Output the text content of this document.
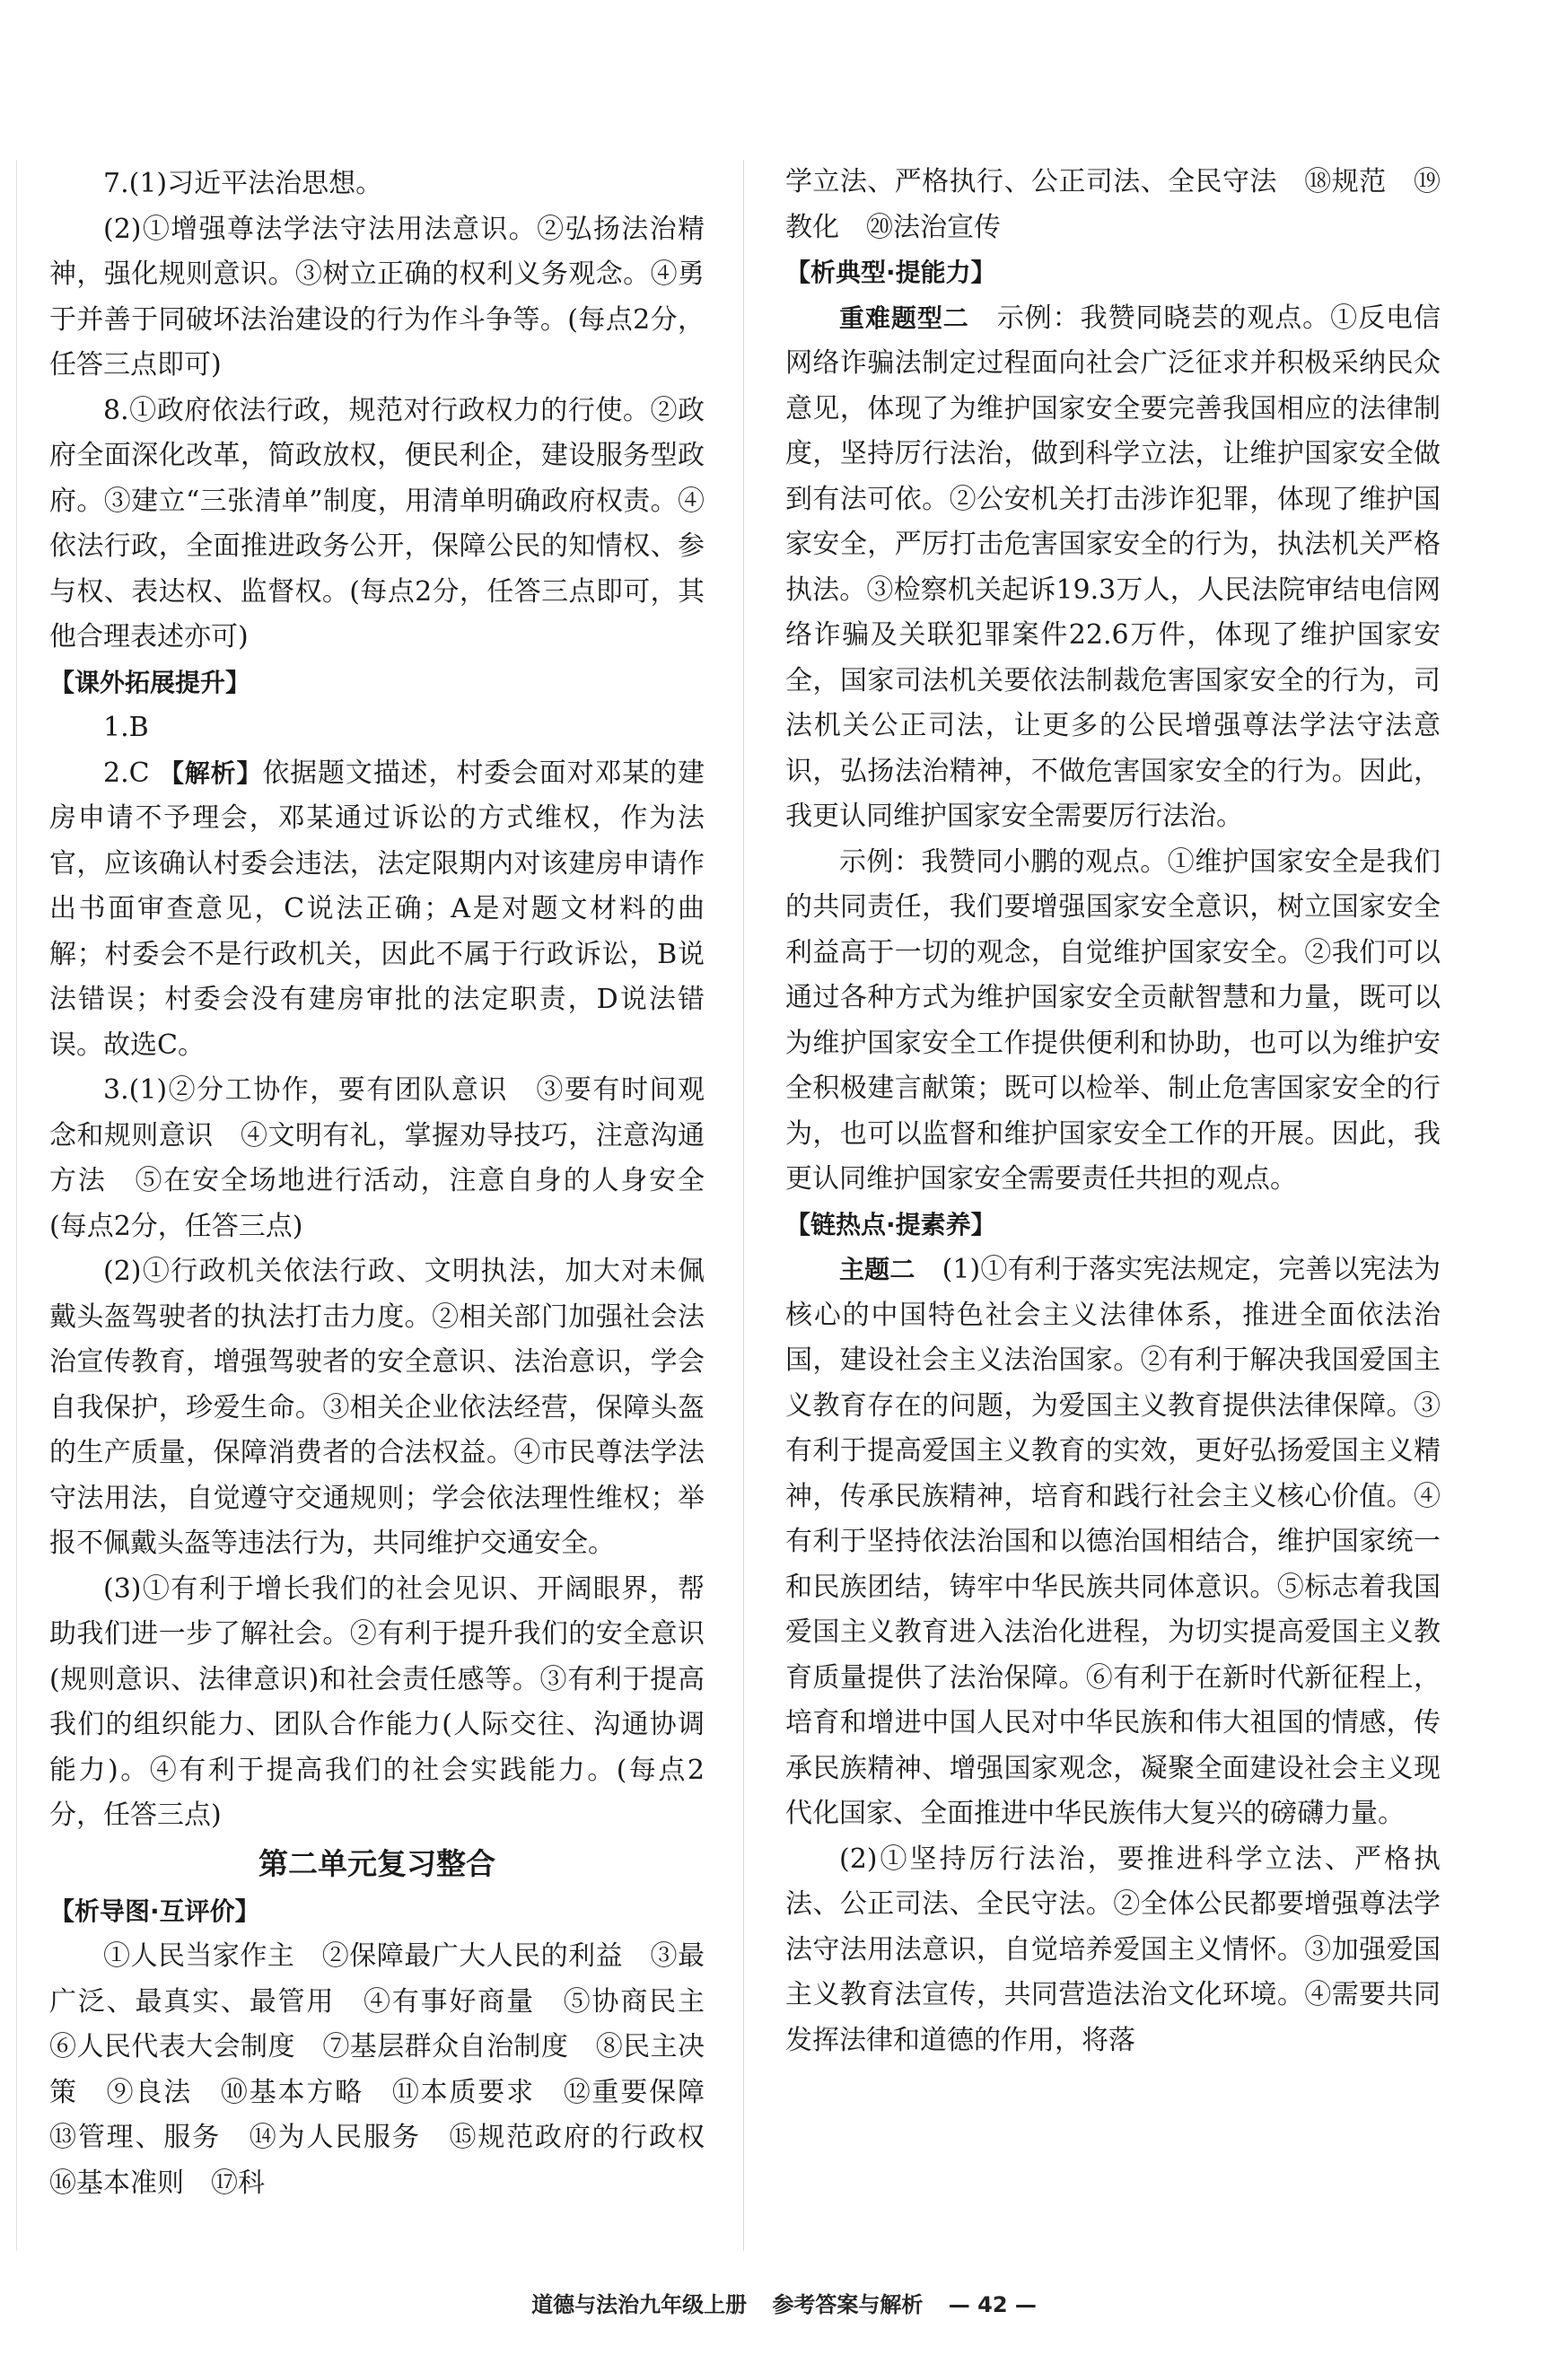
7.(1)习近平法治思想。

(2)①增强尊法学法守法用法意识。②弘扬法治精神，强化规则意识。③树立正确的权利义务观念。④勇于并善于同破坏法治建设的行为作斗争等。(每点2分，任答三点即可)

8.①政府依法行政，规范对行政权力的行使。②政府全面深化改革，简政放权，便民利企，建设服务型政府。③建立“三张清单”制度，用清单明确政府权责。④依法行政，全面推进政务公开，保障公民的知情权、参与权、表达权、监督权。(每点2分，任答三点即可，其他合理表述亦可)

【课外拓展提升】

1.B

2.C 【解析】依据题文描述，村委会面对邓某的建房申请不予理会，邓某通过诉讼的方式维权，作为法官，应该确认村委会违法，法定限期内对该建房申请作出书面审查意见，C说法正确；A是对题文材料的曲解；村委会不是行政机关，因此不属于行政诉讼，B说法错误；村委会没有建房审批的法定职责，D说法错误。故选C。

3.(1)②分工协作，要有团队意识　③要有时间观念和规则意识　④文明有礼，掌握劝导技巧，注意沟通方法　⑤在安全场地进行活动，注意自身的人身安全(每点2分，任答三点)

(2)①行政机关依法行政、文明执法，加大对未佩戴头盔驾驶者的执法打击力度。②相关部门加强社会法治宣传教育，增强驾驶者的安全意识、法治意识，学会自我保护，珍爱生命。③相关企业依法经营，保障头盔的生产质量，保障消费者的合法权益。④市民尊法学法守法用法，自觉遵守交通规则；学会依法理性维权；举报不佩戴头盔等违法行为，共同维护交通安全。

(3)①有利于增长我们的社会见识、开阔眼界，帮助我们进一步了解社会。②有利于提升我们的安全意识(规则意识、法律意识)和社会责任感等。③有利于提高我们的组织能力、团队合作能力(人际交往、沟通协调能力)。④有利于提高我们的社会实践能力。(每点2分，任答三点)

第二单元复习整合
【析导图·互评价】

①人民当家作主　②保障最广大人民的利益　③最广泛、最真实、最管用　④有事好商量　⑤协商民主　⑥人民代表大会制度　⑦基层群众自治制度　⑧民主决策　⑨良法　⑩基本方略　⑪本质要求　⑫重要保障　⑬管理、服务　⑭为人民服务　⑮规范政府的行政权　⑯基本准则　⑰科

学立法、严格执行、公正司法、全民守法　⑱规范　⑲教化　⑳法治宣传

【析典型·提能力】

重难题型二　示例：我赞同晓芸的观点。①反电信网络诈骗法制定过程面向社会广泛征求并积极采纳民众意见，体现了为维护国家安全要完善我国相应的法律制度，坚持厉行法治，做到科学立法，让维护国家安全做到有法可依。②公安机关打击涉诈犯罪，体现了维护国家安全，严厉打击危害国家安全的行为，执法机关严格执法。③检察机关起诉19.3万人，人民法院审结电信网络诈骗及关联犯罪案件22.6万件，体现了维护国家安全，国家司法机关要依法制裁危害国家安全的行为，司法机关公正司法，让更多的公民增强尊法学法守法意识，弘扬法治精神，不做危害国家安全的行为。因此，我更认同维护国家安全需要厉行法治。

示例：我赞同小鹏的观点。①维护国家安全是我们的共同责任，我们要增强国家安全意识，树立国家安全利益高于一切的观念，自觉维护国家安全。②我们可以通过各种方式为维护国家安全贡献智慧和力量，既可以为维护国家安全工作提供便利和协助，也可以为维护安全积极建言献策；既可以检举、制止危害国家安全的行为，也可以监督和维护国家安全工作的开展。因此，我更认同维护国家安全需要责任共担的观点。

【链热点·提素养】

主题二　(1)①有利于落实宪法规定，完善以宪法为核心的中国特色社会主义法律体系，推进全面依法治国，建设社会主义法治国家。②有利于解决我国爱国主义教育存在的问题，为爱国主义教育提供法律保障。③有利于提高爱国主义教育的实效，更好弘扬爱国主义精神，传承民族精神，培育和践行社会主义核心价值。④有利于坚持依法治国和以德治国相结合，维护国家统一和民族团结，铸牢中华民族共同体意识。⑤标志着我国爱国主义教育进入法治化进程，为切实提高爱国主义教育质量提供了法治保障。⑥有利于在新时代新征程上，培育和增进中国人民对中华民族和伟大祖国的情感，传承民族精神、增强国家观念，凝聚全面建设社会主义现代化国家、全面推进中华民族伟大复兴的磅礴力量。

(2)①坚持厉行法治，要推进科学立法、严格执法、公正司法、全民守法。②全体公民都要增强尊法学法守法用法意识，自觉培养爱国主义情怀。③加强爱国主义教育法宣传，共同营造法治文化环境。④需要共同发挥法律和道德的作用，将落

道德与法治九年级上册 参考答案与解析 — 42 —
